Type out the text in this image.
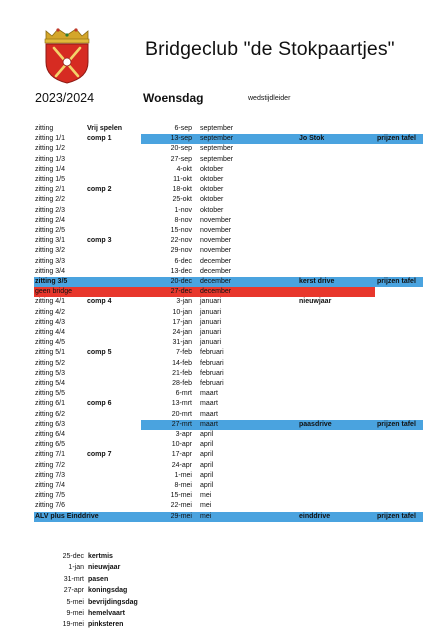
Bridgeclub "de Stokpaartjes"
2023/2024	Woensdag	wedstijdleider
zitting	Vrij spelen	6-sep september
zitting 1/1	comp 1	13-sep september	Jo Stok	prijzen tafel
zitting 1/2	20-sep september
zitting 1/3	27-sep september
zitting 1/4	4-okt oktober
zitting 1/5	11-okt oktober
zitting 2/1	comp 2	18-okt oktober
zitting 2/2	25-okt oktober
zitting 2/3	1-nov oktober
zitting 2/4	8-nov november
zitting 2/5	15-nov november
zitting 3/1	comp 3	22-nov november
zitting 3/2	29-nov november
zitting 3/3	6-dec december
zitting 3/4	13-dec december
zitting 3/5	20-dec december	kerst drive	prijzen tafel
geen bridge	27-dec december
zitting 4/1	comp 4	3-jan januari	nieuwjaar
zitting 4/2	10-jan januari
zitting 4/3	17-jan januari
zitting 4/4	24-jan januari
zitting 4/5	31-jan januari
zitting 5/1	comp 5	7-feb februari
zitting 5/2	14-feb februari
zitting 5/3	21-feb februari
zitting 5/4	28-feb februari
zitting 5/5	6-mrt maart
zitting 6/1	comp 6	13-mrt maart
zitting 6/2	20-mrt maart
zitting 6/3	27-mrt maart	paasdrive	prijzen tafel
zitting 6/4	3-apr april
zitting 6/5	10-apr april
zitting 7/1	comp 7	17-apr april
zitting 7/2	24-apr april
zitting 7/3	1-mei april
zitting 7/4	8-mei april
zitting 7/5	15-mei mei
zitting 7/6	22-mei mei
ALV plus Einddrive	29-mei mei	einddrive	prijzen tafel
25-dec kertmis
1-jan nieuwjaar
31-mrt pasen
27-apr koningsdag
5-mei bevrijdingsdag
9-mei hemelvaart
19-mei pinksteren
